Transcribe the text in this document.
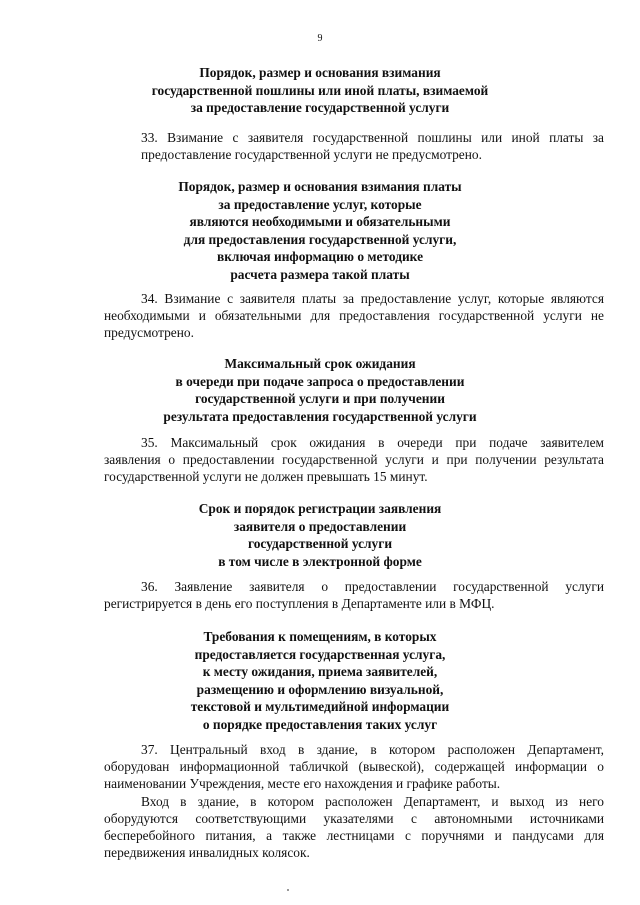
9
Порядок, размер и основания взимания
государственной пошлины или иной платы, взимаемой
за предоставление государственной услуги
33. Взимание с заявителя государственной пошлины или иной платы за
предоставление государственной услуги не предусмотрено.
Порядок, размер и основания взимания платы
за предоставление услуг, которые
являются необходимыми и обязательными
для предоставления государственной услуги,
включая информацию о методике
расчета размера такой платы
34. Взимание с заявителя платы за предоставление услуг, которые являются
необходимыми и обязательными для предоставления государственной услуги не
предусмотрено.
Максимальный срок ожидания
в очереди при подаче запроса о предоставлении
государственной услуги и при получении
результата предоставления государственной услуги
35. Максимальный срок ожидания в очереди при подаче заявителем
заявления о предоставлении государственной услуги и при получении результата
государственной услуги не должен превышать 15 минут.
Срок и порядок регистрации заявления
заявителя о предоставлении
государственной услуги
в том числе в электронной форме
36. Заявление заявителя о предоставлении государственной услуги
регистрируется в день его поступления в Департаменте или в МФЦ.
Требования к помещениям, в которых
предоставляется государственная услуга,
к месту ожидания, приема заявителей,
размещению и оформлению визуальной,
текстовой и мультимедийной информации
о порядке предоставления таких услуг
37. Центральный вход в здание, в котором расположен Департамент,
оборудован информационной табличкой (вывеской), содержащей информации о
наименовании Учреждения, месте его нахождения и графике работы.
Вход в здание, в котором расположен Департамент, и выход из него
оборудуются соответствующими указателями с автономными источниками
бесперебойного питания, а также лестницами с поручнями и пандусами для
передвижения инвалидных колясок.
